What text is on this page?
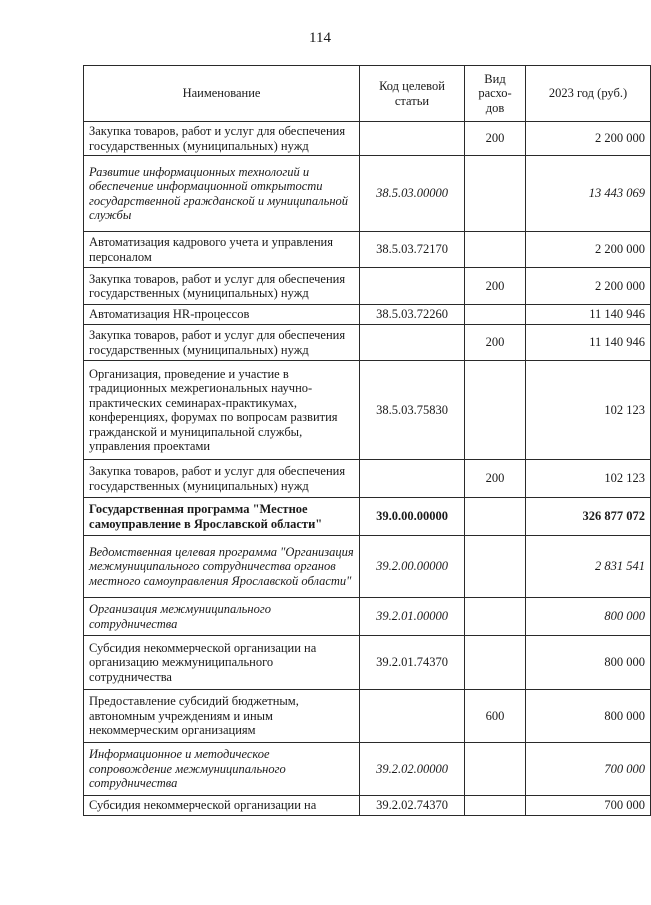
114
Наименование	Код целевой статьи	Вид расхо-дов	2023 год (руб.)
Закупка товаров, работ и услуг для обеспечения государственных (муниципальных) нужд		200	2 200 000
Развитие информационных технологий и обеспечение информационной открытости государственной гражданской и муниципальной службы	38.5.03.00000		13 443 069
Автоматизация кадрового учета и управления персоналом	38.5.03.72170		2 200 000
Закупка товаров, работ и услуг для обеспечения государственных (муниципальных) нужд		200	2 200 000
Автоматизация HR-процессов	38.5.03.72260		11 140 946
Закупка товаров, работ и услуг для обеспечения государственных (муниципальных) нужд		200	11 140 946
Организация, проведение и участие в традиционных межрегиональных научно-практических семинарах-практикумах, конференциях, форумах по вопросам развития гражданской и муниципальной службы, управления проектами	38.5.03.75830		102 123
Закупка товаров, работ и услуг для обеспечения государственных (муниципальных) нужд		200	102 123
Государственная программа "Местное самоуправление в Ярославской области"	39.0.00.00000		326 877 072
Ведомственная целевая программа "Организация межмуниципального сотрудничества органов местного самоуправления Ярославской области"	39.2.00.00000		2 831 541
Организация межмуниципального сотрудничества	39.2.01.00000		800 000
Субсидия некоммерческой организации на организацию межмуниципального сотрудничества	39.2.01.74370		800 000
Предоставление субсидий бюджетным, автономным учреждениям и иным некоммерческим организациям		600	800 000
Информационное и методическое сопровождение межмуниципального сотрудничества	39.2.02.00000		700 000
Субсидия некоммерческой организации на	39.2.02.74370		700 000
